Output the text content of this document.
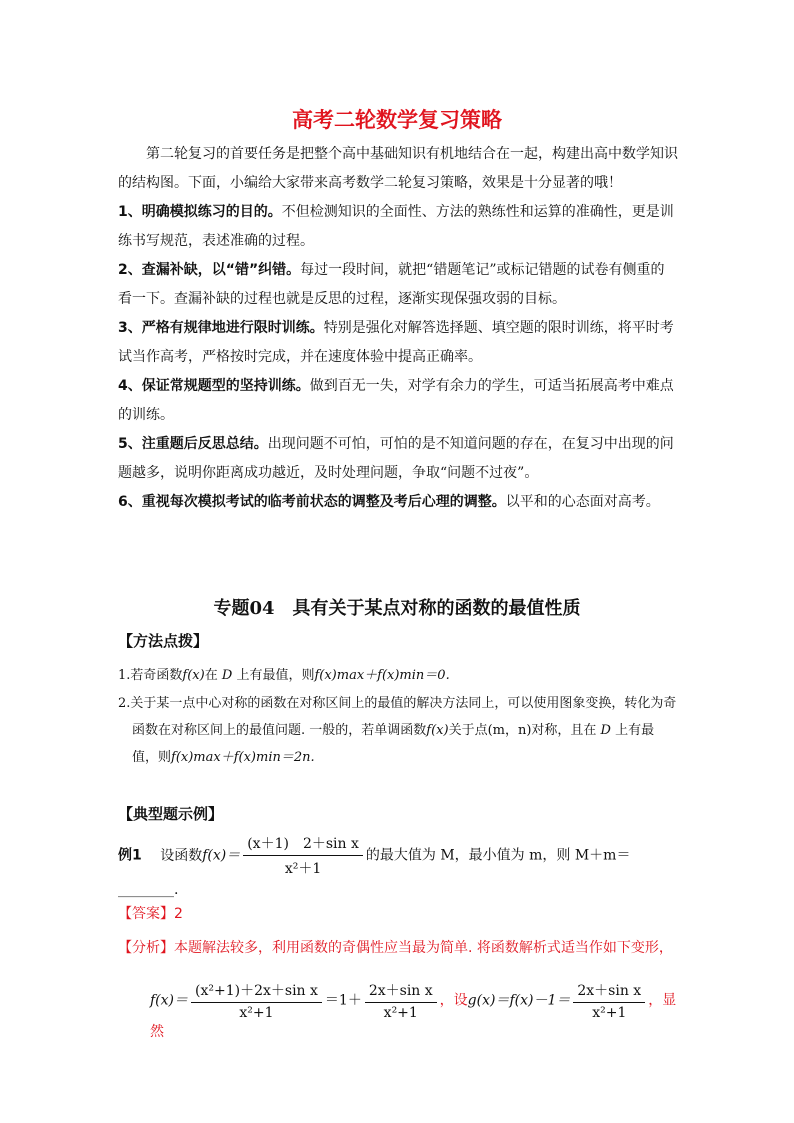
高考二轮数学复习策略
第二轮复习的首要任务是把整个高中基础知识有机地结合在一起，构建出高中数学知识的结构图。下面，小编给大家带来高考数学二轮复习策略，效果是十分显著的哦！
1、明确模拟练习的目的。不但检测知识的全面性、方法的熟练性和运算的准确性，更是训练书写规范，表述准确的过程。
2、查漏补缺，以“错”纠错。每过一段时间，就把“错题笔记”或标记错题的试卷有侧重的看一下。查漏补缺的过程也就是反思的过程，逐渐实现保强攻弱的目标。
3、严格有规律地进行限时训练。特别是强化对解答选择题、填空题的限时训练，将平时考试当作高考，严格按时完成，并在速度体验中提高正确率。
4、保证常规题型的坚持训练。做到百无一失，对学有余力的学生，可适当拓展高考中难点的训练。
5、注重题后反思总结。出现问题不可怕，可怕的是不知道问题的存在，在复习中出现的问题越多，说明你距离成功越近，及时处理问题，争取“问题不过夜”。
6、重视每次模拟考试的临考前状态的调整及考后心理的调整。以平和的心态面对高考。
专题04　具有关于某点对称的函数的最值性质
【方法点拨】
1.若奇函数f(x)在 D 上有最值，则f(x)max＋f(x)min＝0.
2.关于某一点中心对称的函数在对称区间上的最值的解决方法同上，可以使用图象变换，转化为奇函数在对称区间上的最值问题. 一般的，若单调函数f(x)关于点(m，n)对称，且在 D 上有最值，则f(x)max＋f(x)min＝2n.
【典型题示例】
例1 设函数$f(x)= \frac{\text{(x＋1)　2＋sin x}}{\text{x²＋1}}$ 的最大值为 M，最小值为 m，则 M＋m＝
________.
【答案】2
【分析】本题解法较多，利用函数的奇偶性应当最为简单. 将函数解析式适当作如下变形，
$f(x)= \frac{\text{(x²+1)＋2x＋sin x}}{\text{x²+1}} =1+ \frac{\text{2x＋sin x}}{\text{x²+1}}$ ，设$g(x)=f(x)-1= \frac{\text{2x＋sin x}}{\text{x²+1}}$ ，显然
